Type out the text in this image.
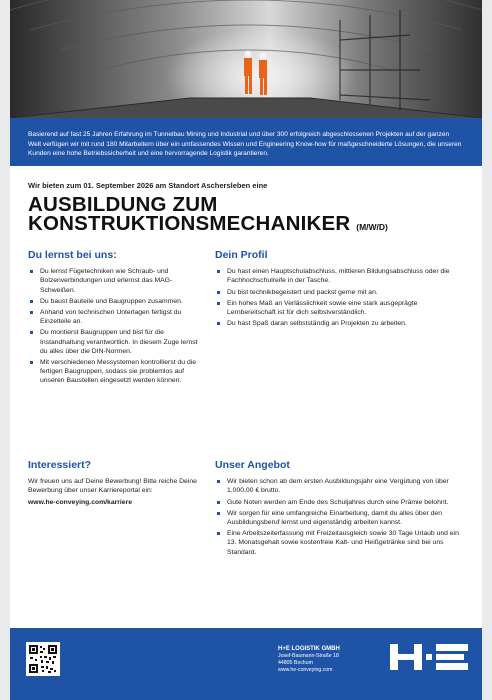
Basierend auf fast 25 Jahren Erfahrung im Tunnelbau Mining und Industrial und über 300 erfolgreich abgeschlossenen Projekten auf der ganzen Welt verfügen wir mit rund 180 Mitarbeitern über ein umfassendes Wissen und Engineering Know-how für maßgeschneiderte Lösungen, die unseren Kunden eine hohe Betriebssicherheit und eine hervorragende Logistik garantieren.
Wir bieten zum 01. September 2026 am Standort Aschersleben eine
AUSBILDUNG ZUM
KONSTRUKTIONSMECHANIKER (M/W/D)
Du lernst bei uns:
Du lernst Fügetechniken wie Schraub- und Bolzenverbindungen und erlernst das MAG-Schweißen.
Du baust Bauteile und Baugruppen zusammen.
Anhand von technischen Unterlagen fertigst du Einzelteile an.
Du montierst Baugruppen und bist für die Instandhaltung verantwortlich. In diesem Zuge lernst du alles über die DIN-Normen.
Mit verschiedenen Messystemen kontrollierst du die fertigen Baugruppen, sodass sie problemlos auf unseren Baustellen eingesetzt werden können.
Dein Profil
Du hast einen Hauptschulabschluss, mittleren Bildungsabschluss oder die Fachhochschulreife in der Tasche.
Du bist technikbegeistert und packst gerne mit an.
Ein hohes Maß an Verlässlichkeit sowie eine stark ausgeprägte Lernbereitschaft ist für dich selbstverständlich.
Du hast Spaß daran selbstständig an Projekten zu arbeiten.
Interessiert?

Wir freuen uns auf Deine Bewerbung! Bitte reiche Deine Bewerbung über unser Karriereportal ein:

www.he-conveying.com/karriere

Unser Angebot
Wir bieten schon ab dem ersten Ausbildungsjahr eine Vergütung von über 1.000,00 € brutto.
Gute Noten werden am Ende des Schuljahres durch eine Prämie belohnt.
Wir sorgen für eine umfangreiche Einarbeitung, damit du alles über den Ausbildungsberuf lernst und eigenständig arbeiten kannst.
Eine Arbeitszeiterfassung mit Freizeitausgleich sowie 30 Tage Urlaub und ein 13. Monatsgehalt sowie kostenfreie Kalt- und Heißgetränke sind bei uns Standard.
H+E LOGISTIK GMBH
Josef-Baumann-Straße 18
44805 Bochum
www.he-conveying.com
